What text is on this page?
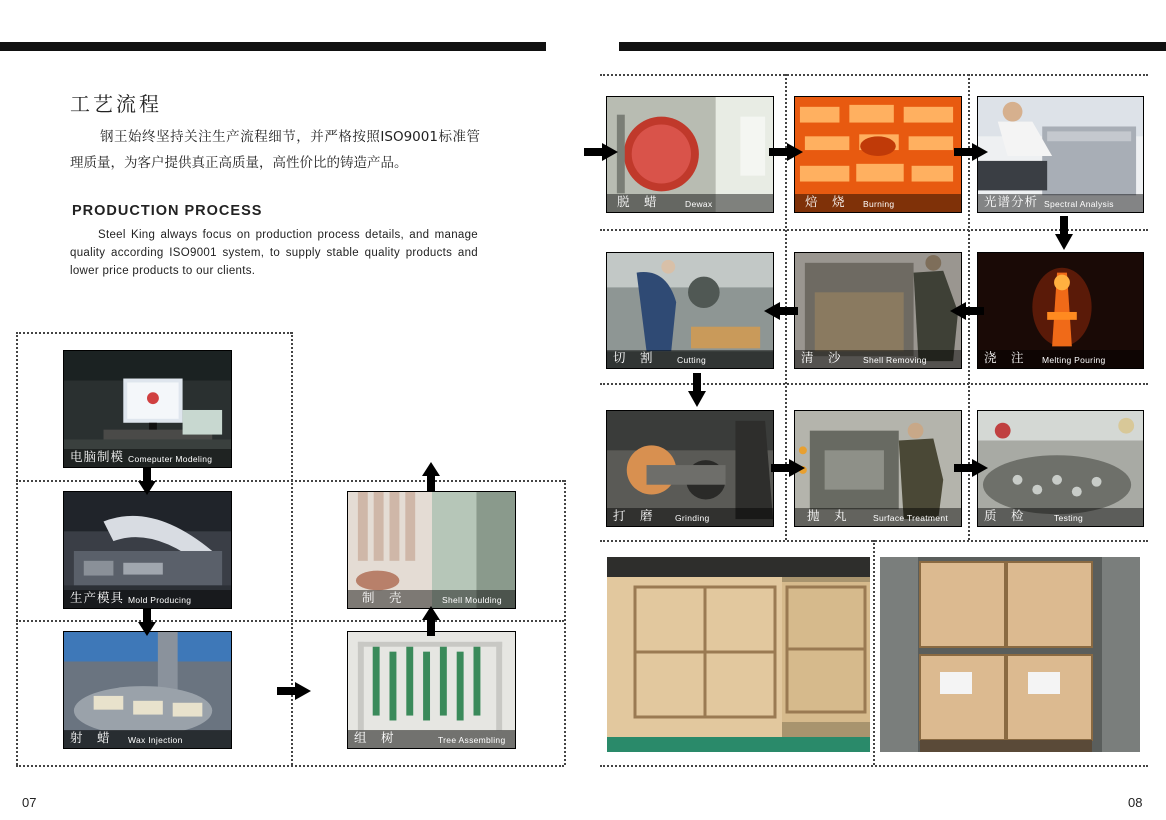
工艺流程
钢王始终坚持关注生产流程细节，并严格按照ISO9001标准管理质量，为客户提供真正高质量，高性价比的铸造产品。
PRODUCTION PROCESS
Steel King always focus on production process details, and manage quality according ISO9001 system, to supply stable quality products and lower price products to our clients.
电脑制模 Comeputer Modeling
生产模具 Mold Producing
射　蜡 Wax Injection	组　树	Tree Assembling
制　壳	Shell Moulding
脱　蜡	Dewax	焙　烧 Burning	光谱分析 Spectral Analysis
切　割	Cutting	清　沙	Shell Removing	浇　注 Melting Pouring
打　磨	Grinding	抛　丸	Surface Treatment	质　检	Testing
07	08
